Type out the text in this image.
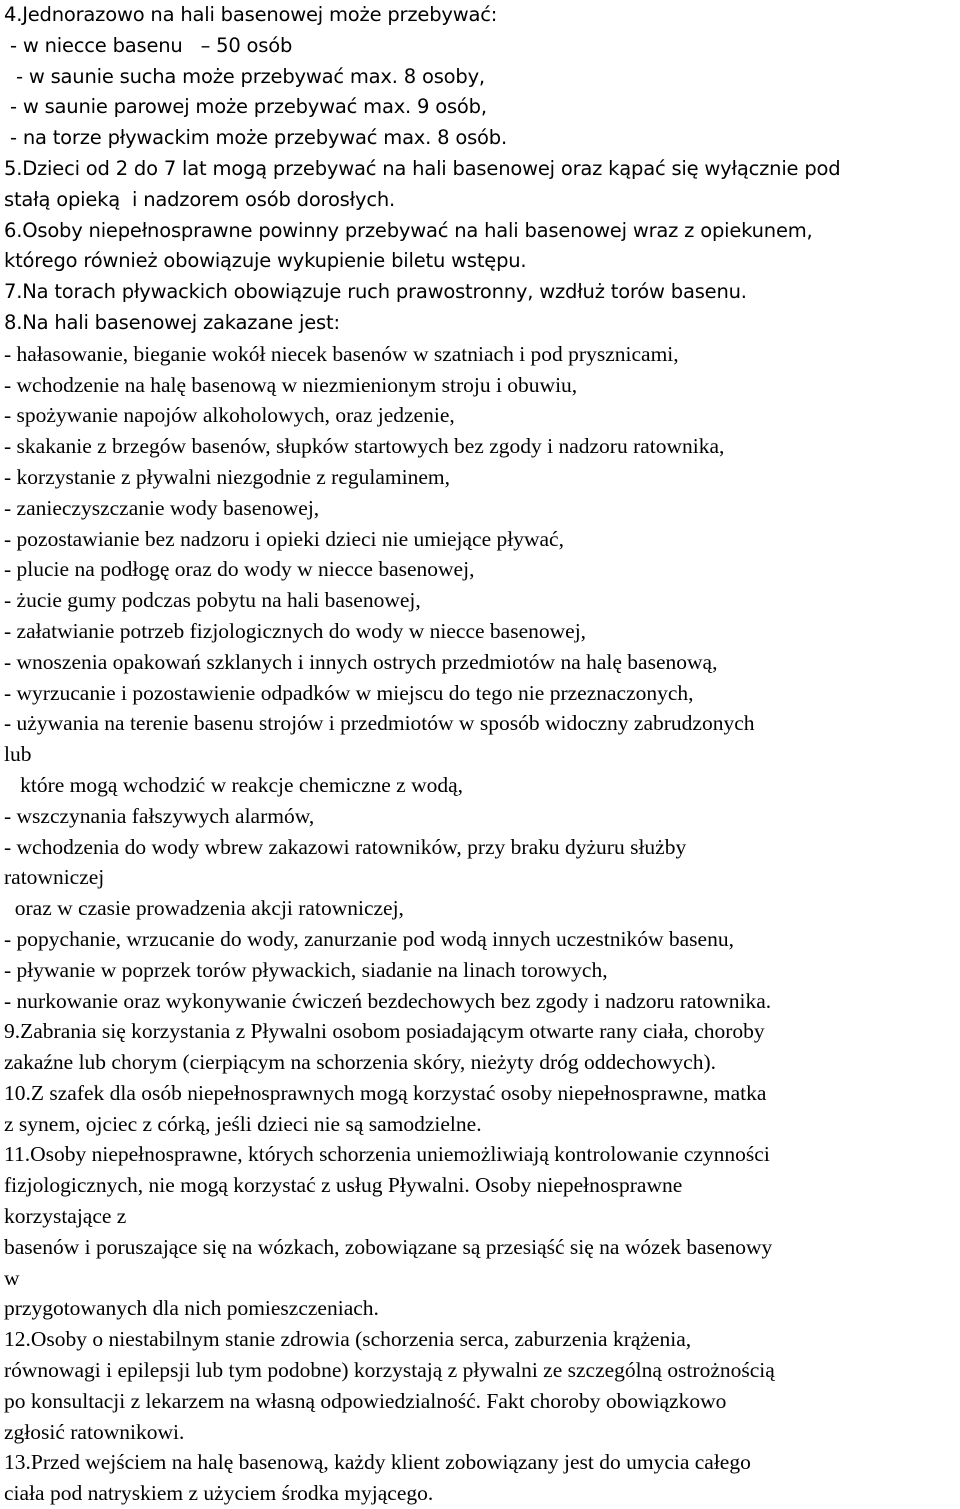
4.Jednorazowo na hali basenowej może przebywać:
- w niecce basenu   – 50 osób
- w saunie sucha może przebywać max. 8 osoby,
- w saunie parowej może przebywać max. 9 osób,
- na torze pływackim może przebywać max. 8 osób.
5.Dzieci od 2 do 7 lat mogą przebywać na hali basenowej oraz kąpać się wyłącznie pod
stałą opieką  i nadzorem osób dorosłych.
6.Osoby niepełnosprawne powinny przebywać na hali basenowej wraz z opiekunem,
którego również obowiązuje wykupienie biletu wstępu.
7.Na torach pływackich obowiązuje ruch prawostronny, wzdłuż torów basenu.
8.Na hali basenowej zakazane jest:
- hałasowanie, bieganie wokół niecek basenów w szatniach i pod prysznicami,
- wchodzenie na halę basenową w niezmienionym stroju i obuwiu,
- spożywanie napojów alkoholowych, oraz jedzenie,
- skakanie z brzegów basenów, słupków startowych bez zgody i nadzoru ratownika,
- korzystanie z pływalni niezgodnie z regulaminem,
- zanieczyszczanie wody basenowej,
- pozostawianie bez nadzoru i opieki dzieci nie umiejące pływać,
- plucie na podłogę oraz do wody w niecce basenowej,
- żucie gumy podczas pobytu na hali basenowej,
- załatwianie potrzeb fizjologicznych do wody w niecce basenowej,
- wnoszenia opakowań szklanych i innych ostrych przedmiotów na halę basenową,
- wyrzucanie i pozostawienie odpadków w miejscu do tego nie przeznaczonych,
- używania na terenie basenu strojów i przedmiotów w sposób widoczny zabrudzonych
lub
które mogą wchodzić w reakcje chemiczne z wodą,
- wszczynania fałszywych alarmów,
- wchodzenia do wody wbrew zakazowi ratowników, przy braku dyżuru służby
ratowniczej
oraz w czasie prowadzenia akcji ratowniczej,
- popychanie, wrzucanie do wody, zanurzanie pod wodą innych uczestników basenu,
- pływanie w poprzek torów pływackich, siadanie na linach torowych,
- nurkowanie oraz wykonywanie ćwiczeń bezdechowych bez zgody i nadzoru ratownika.
9.Zabrania się korzystania z Pływalni osobom posiadającym otwarte rany ciała, choroby
zakaźne lub chorym (cierpiącym na schorzenia skóry, nieżyty dróg oddechowych).
10.Z szafek dla osób niepełnosprawnych mogą korzystać osoby niepełnosprawne, matka
z synem, ojciec z córką, jeśli dzieci nie są samodzielne.
11.Osoby niepełnosprawne, których schorzenia uniemożliwiają kontrolowanie czynności
fizjologicznych, nie mogą korzystać z usług Pływalni. Osoby niepełnosprawne
korzystające z
basenów i poruszające się na wózkach, zobowiązane są przesiąść się na wózek basenowy
w
przygotowanych dla nich pomieszczeniach.
12.Osoby o niestabilnym stanie zdrowia (schorzenia serca, zaburzenia krążenia,
równowagi i epilepsji lub tym podobne) korzystają z pływalni ze szczególną ostrożnością
po konsultacji z lekarzem na własną odpowiedzialność. Fakt choroby obowiązkowo
zgłosić ratownikowi.
13.Przed wejściem na halę basenową, każdy klient zobowiązany jest do umycia całego
ciała pod natryskiem z użyciem środka myjącego.
